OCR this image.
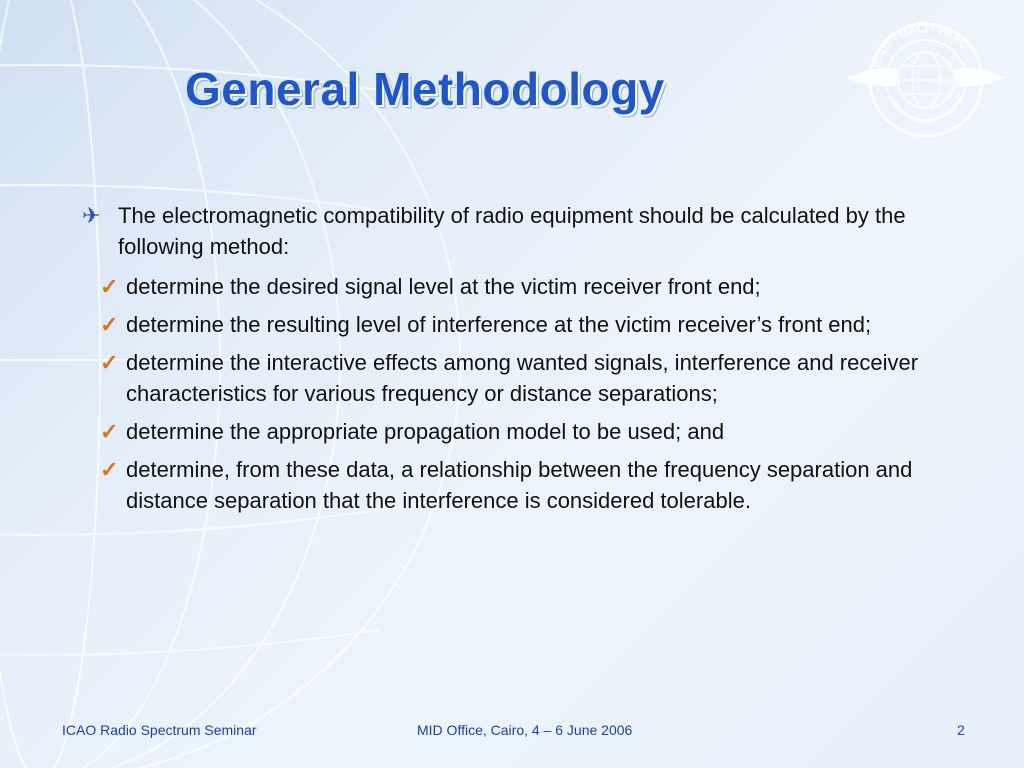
ICAO • OACI • ИКАО
General Methodology
✈ The electromagnetic compatibility of radio equipment should be calculated by the following method:
✓ determine the desired signal level at the victim receiver front end;
✓ determine the resulting level of interference at the victim receiver’s front end;
✓ determine the interactive effects among wanted signals, interference and receiver characteristics for various frequency or distance separations;
✓ determine the appropriate propagation model to be used; and
✓ determine, from these data, a relationship between the frequency separation and distance separation that the interference is considered tolerable.
ICAO Radio Spectrum Seminar	MID Office, Cairo, 4 – 6 June 2006	2
